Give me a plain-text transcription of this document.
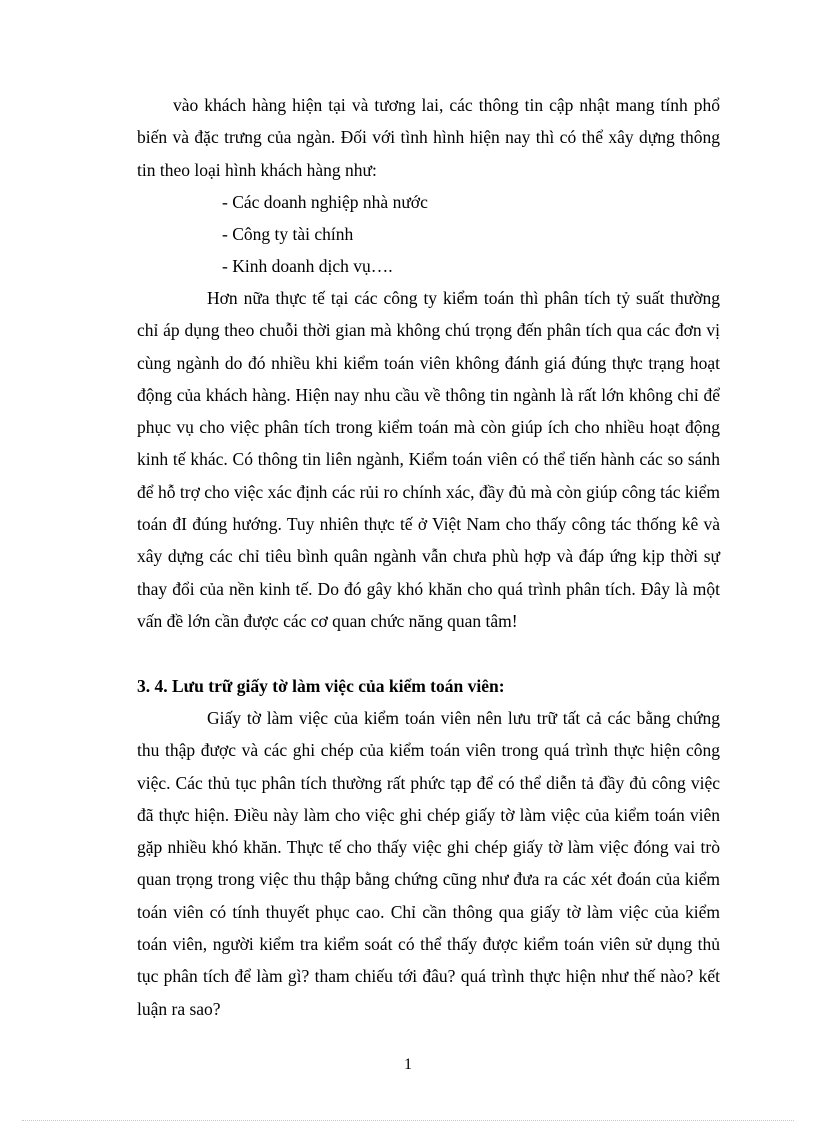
vào khách hàng hiện tại và tương lai, các thông tin cập nhật mang tính phổ biến và đặc trưng của ngàn. Đối với tình hình hiện nay thì có thể xây dựng thông tin theo loại hình khách hàng như:

- Các doanh nghiệp nhà nước

- Công ty tài chính

- Kinh doanh dịch vụ….

Hơn nữa thực tế tại các công ty kiểm toán thì phân tích tỷ suất thường chỉ áp dụng theo chuỗi thời gian mà không chú trọng đến phân tích qua các đơn vị cùng ngành do đó nhiều khi kiểm toán viên không đánh giá đúng thực trạng hoạt động của khách hàng. Hiện nay nhu cầu về thông tin ngành là rất lớn không chỉ để phục vụ cho việc phân tích trong kiểm toán mà còn giúp ích cho nhiều hoạt động kinh tế khác. Có thông tin liên ngành, Kiểm toán viên có thể tiến hành các so sánh để hỗ trợ cho việc xác định các rủi ro chính xác, đầy đủ mà còn giúp công tác kiểm toán đI đúng hướng. Tuy nhiên thực tế ở Việt Nam cho thấy công tác thống kê và xây dựng các chỉ tiêu bình quân ngành vẫn chưa phù hợp và đáp ứng kịp thời sự thay đổi của nền kinh tế. Do đó gây khó khăn cho quá trình phân tích. Đây là một vấn đề lớn cần được các cơ quan chức năng quan tâm!

3. 4. Lưu trữ giấy tờ làm việc của kiểm toán viên:

Giấy tờ làm việc của kiểm toán viên nên lưu trữ tất cả các bằng chứng thu thập được và các ghi chép của kiểm toán viên trong quá trình thực hiện công việc. Các thủ tục phân tích thường rất phức tạp để có thể diễn tả đầy đủ công việc đã thực hiện. Điều này làm cho việc ghi chép giấy tờ làm việc của kiểm toán viên gặp nhiều khó khăn. Thực tế cho thấy việc ghi chép giấy tờ làm việc đóng vai trò quan trọng trong việc thu thập bằng chứng cũng như đưa ra các xét đoán của kiểm toán viên có tính thuyết phục cao. Chỉ cần thông qua giấy tờ làm việc của kiểm toán viên, người kiểm tra kiểm soát có thể thấy được kiểm toán viên sử dụng thủ tục phân tích để làm gì? tham chiếu tới đâu? quá trình thực hiện như thế nào? kết luận ra sao?

1
